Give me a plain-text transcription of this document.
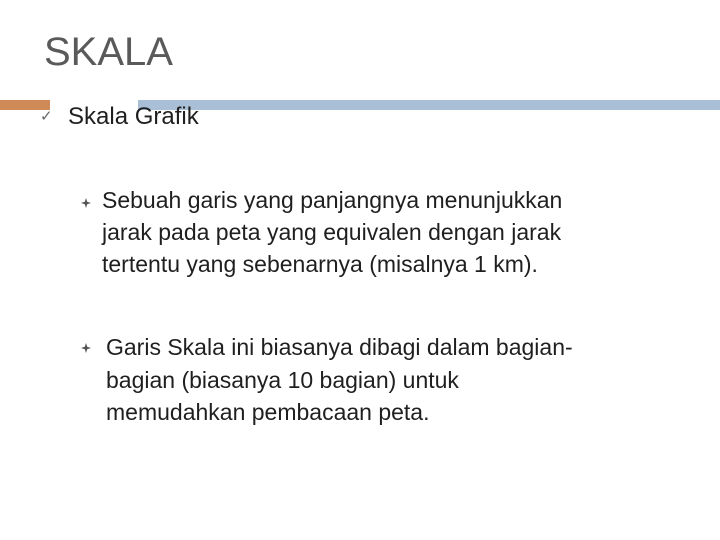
SKALA
✓ Skala Grafik
Sebuah garis yang panjangnya menunjukkan
jarak pada peta yang equivalen dengan jarak
tertentu yang sebenarnya (misalnya 1 km).
Garis Skala ini biasanya dibagi dalam bagian-
bagian (biasanya 10 bagian) untuk
memudahkan pembacaan peta.
